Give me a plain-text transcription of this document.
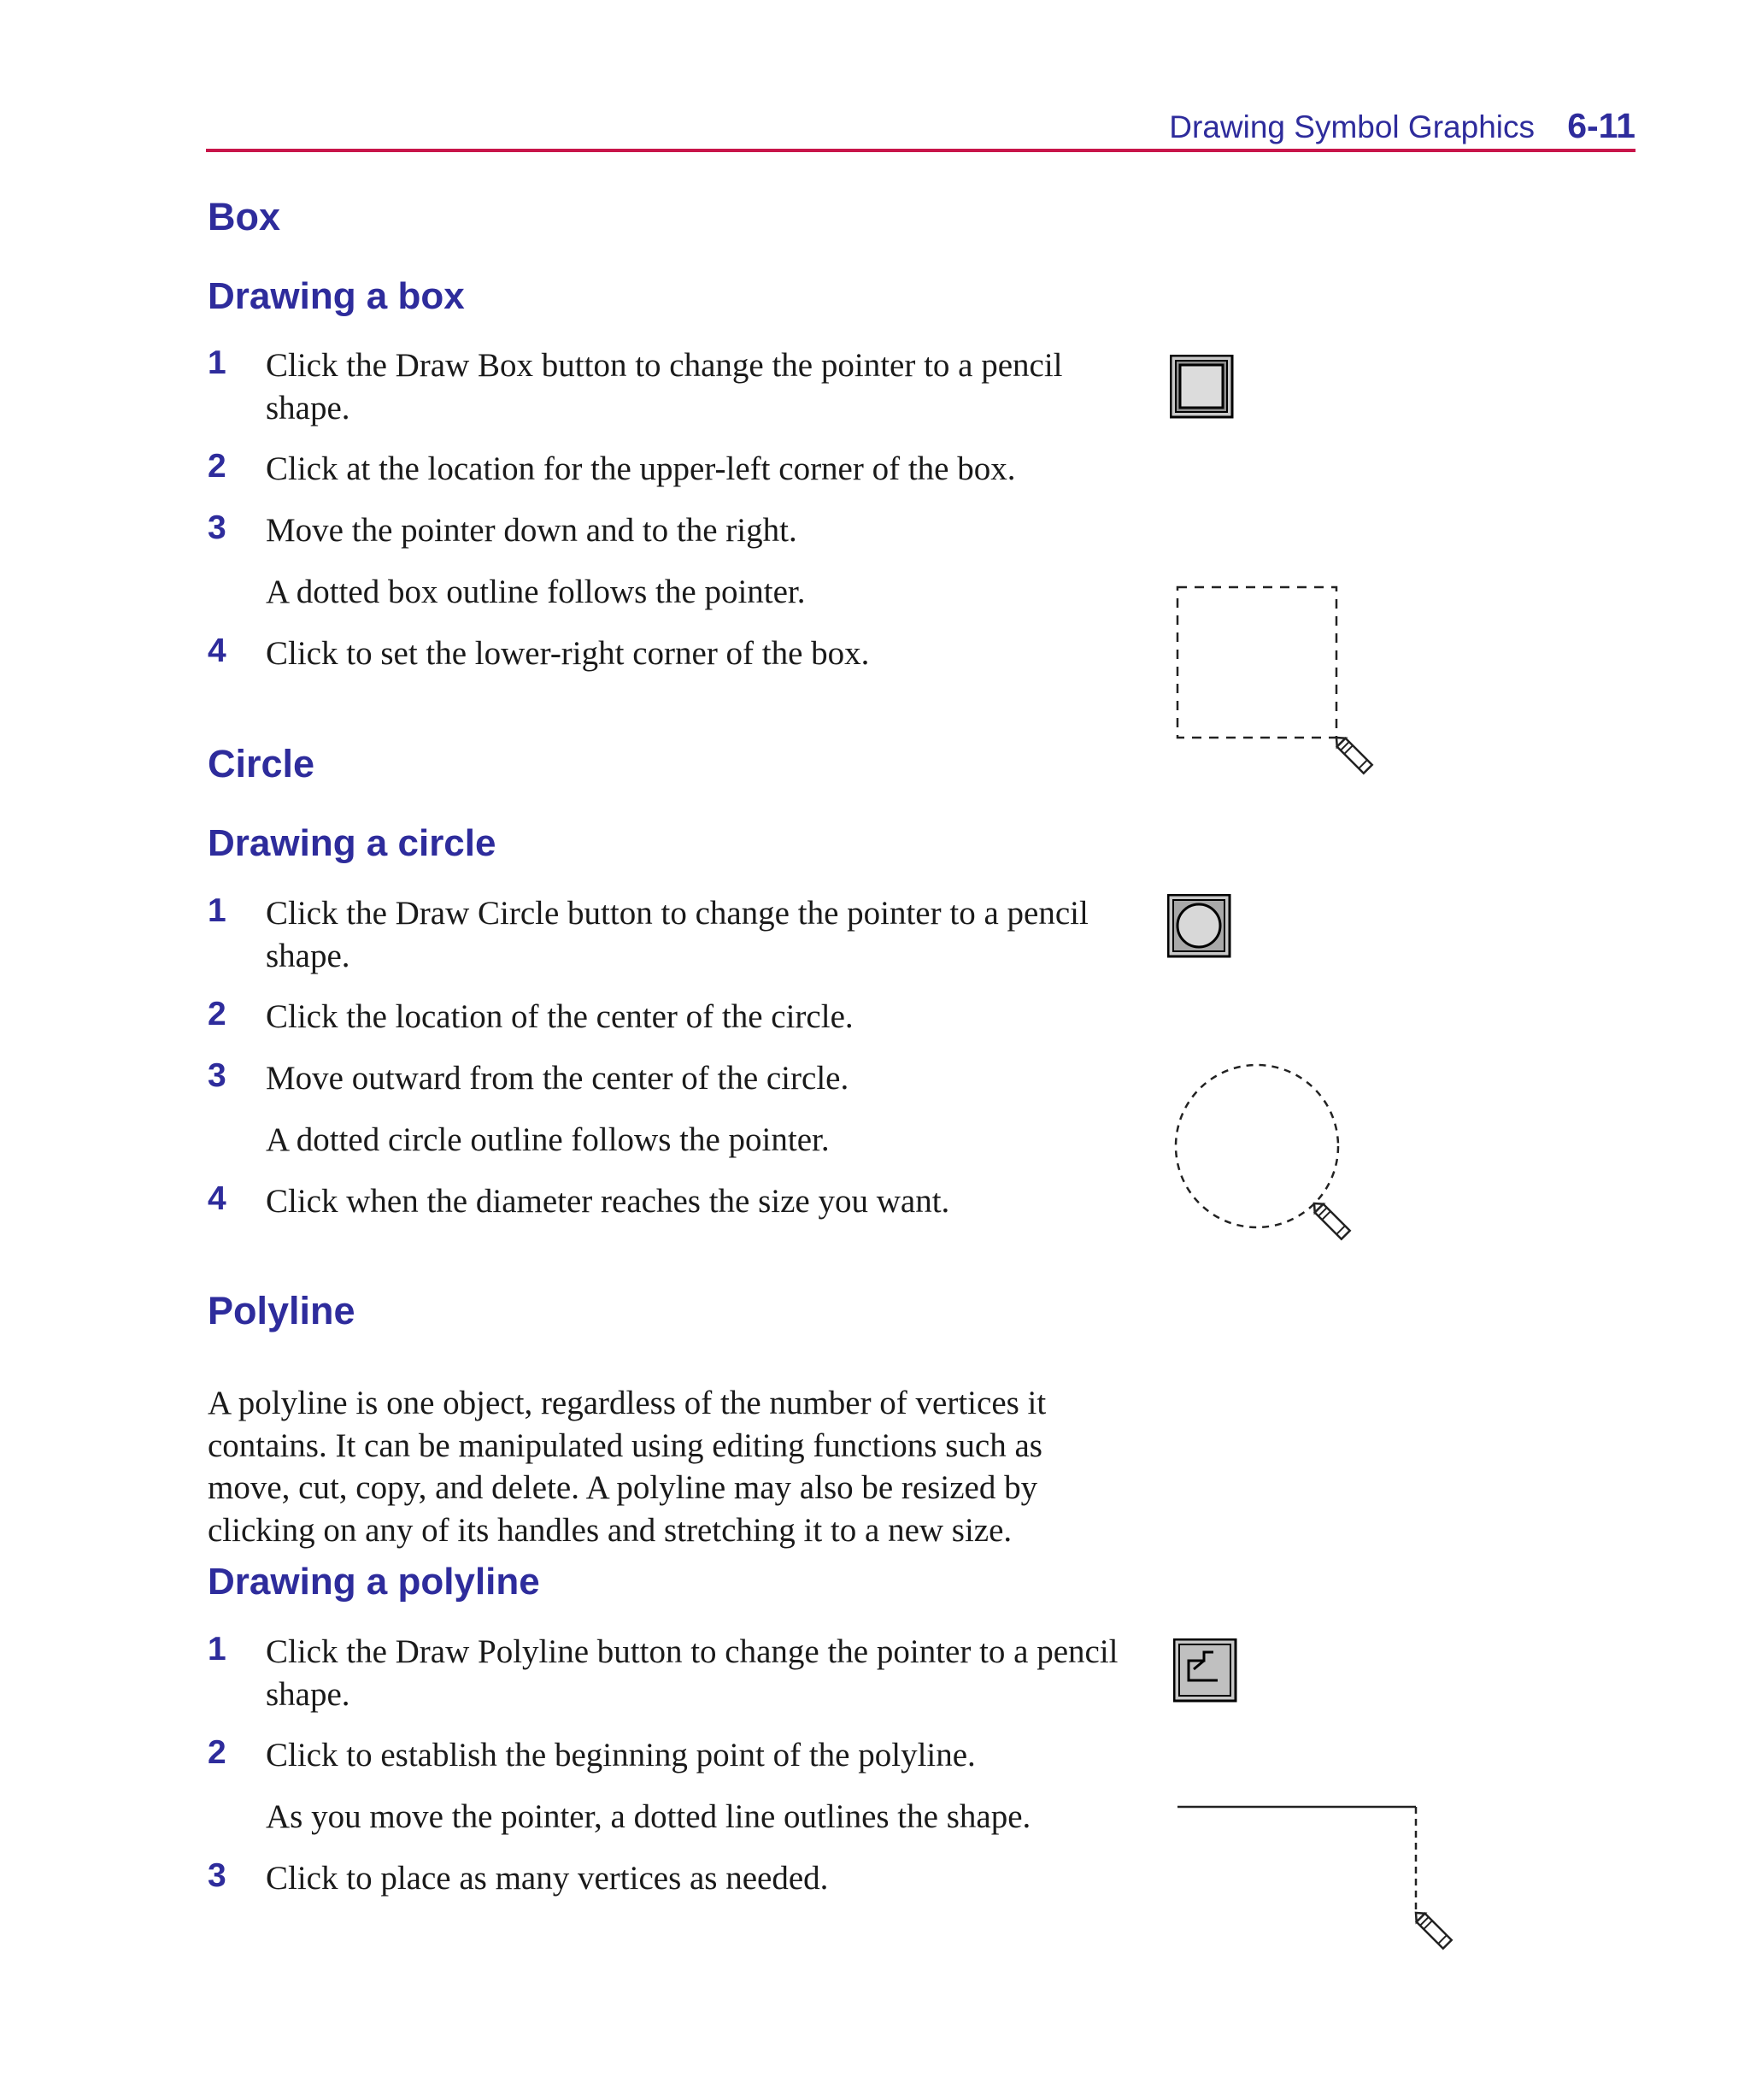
Drawing Symbol Graphics 6-11
Box
Drawing a box
1 Click the Draw Box button to change the pointer to a pencil shape.
2 Click at the location for the upper-left corner of the box.
3 Move the pointer down and to the right.
A dotted box outline follows the pointer.
4 Click to set the lower-right corner of the box.
Circle
Drawing a circle
1 Click the Draw Circle button to change the pointer to a pencil shape.
2 Click the location of the center of the circle.
3 Move outward from the center of the circle.
A dotted circle outline follows the pointer.
4 Click when the diameter reaches the size you want.
Polyline

A polyline is one object, regardless of the number of vertices it contains. It can be manipulated using editing functions such as move, cut, copy, and delete. A polyline may also be resized by clicking on any of its handles and stretching it to a new size.

Drawing a polyline
1 Click the Draw Polyline button to change the pointer to a pencil shape.
2 Click to establish the beginning point of the polyline.
As you move the pointer, a dotted line outlines the shape.
3 Click to place as many vertices as needed.
